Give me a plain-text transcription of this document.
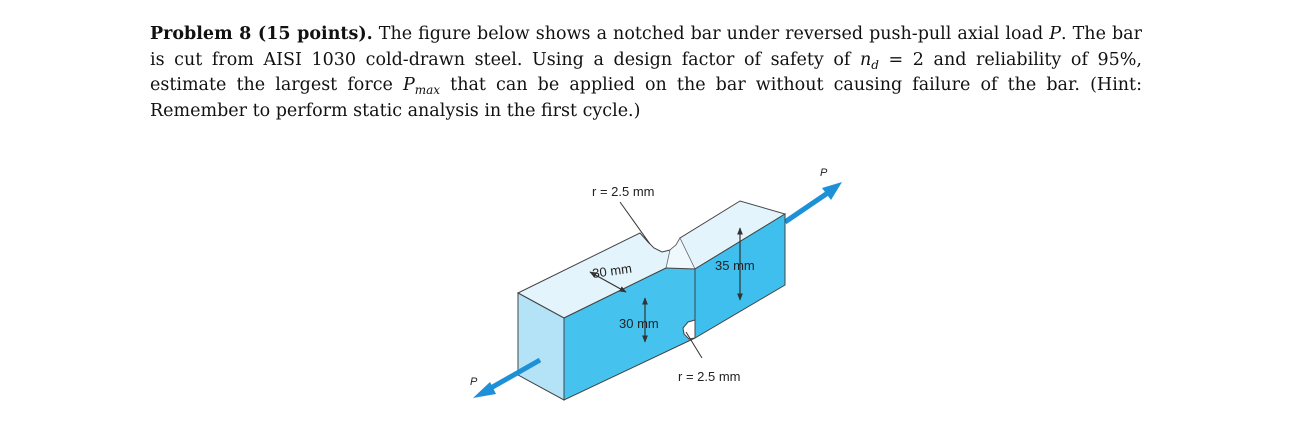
Problem 8 (15 points). The figure below shows a notched bar under reversed push-pull axial load P. The bar is cut from AISI 1030 cold-drawn steel. Using a design factor of safety of $n_d = 2$ and reliability of 95%, estimate the largest force $P_{max}$ that can be applied on the bar without causing failure of the bar. (Hint: Remember to perform static analysis in the first cycle.)
r = 2.5 mm
30 mm
30 mm
35 mm
r = 2.5 mm
P
P
